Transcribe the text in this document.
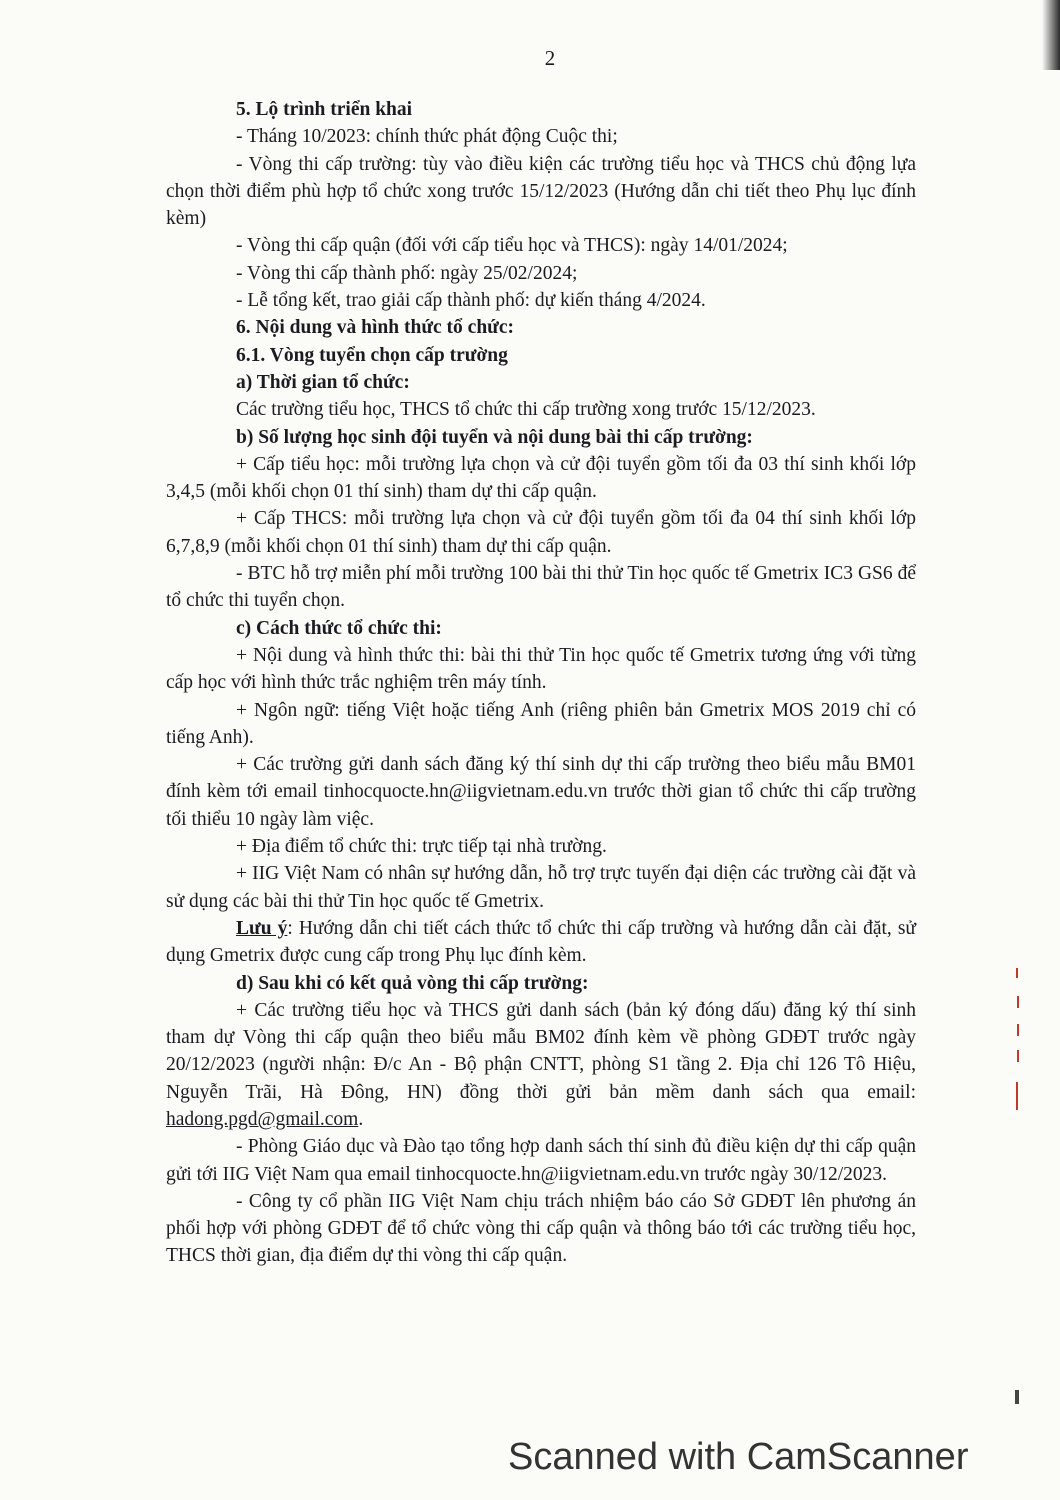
2

5. Lộ trình triển khai

- Tháng 10/2023: chính thức phát động Cuộc thi;

- Vòng thi cấp trường: tùy vào điều kiện các trường tiểu học và THCS chủ động lựa chọn thời điểm phù hợp tổ chức xong trước 15/12/2023 (Hướng dẫn chi tiết theo Phụ lục đính kèm)

- Vòng thi cấp quận (đối với cấp tiểu học và THCS): ngày 14/01/2024;

- Vòng thi cấp thành phố: ngày 25/02/2024;

- Lễ tổng kết, trao giải cấp thành phố: dự kiến tháng 4/2024.

6. Nội dung và hình thức tổ chức:

6.1. Vòng tuyển chọn cấp trường

a) Thời gian tổ chức:

Các trường tiểu học, THCS tổ chức thi cấp trường xong trước 15/12/2023.

b) Số lượng học sinh đội tuyển và nội dung bài thi cấp trường:

+ Cấp tiểu học: mỗi trường lựa chọn và cử đội tuyển gồm tối đa 03 thí sinh khối lớp 3,4,5 (mỗi khối chọn 01 thí sinh) tham dự thi cấp quận.

+ Cấp THCS: mỗi trường lựa chọn và cử đội tuyển gồm tối đa 04 thí sinh khối lớp 6,7,8,9 (mỗi khối chọn 01 thí sinh) tham dự thi cấp quận.

- BTC hỗ trợ miễn phí mỗi trường 100 bài thi thử Tin học quốc tế Gmetrix IC3 GS6 để tổ chức thi tuyển chọn.

c) Cách thức tổ chức thi:

+ Nội dung và hình thức thi: bài thi thử Tin học quốc tế Gmetrix tương ứng với từng cấp học với hình thức trắc nghiệm trên máy tính.

+ Ngôn ngữ: tiếng Việt hoặc tiếng Anh (riêng phiên bản Gmetrix MOS 2019 chỉ có tiếng Anh).

+ Các trường gửi danh sách đăng ký thí sinh dự thi cấp trường theo biểu mẫu BM01 đính kèm tới email tinhocquocte.hn@iigvietnam.edu.vn trước thời gian tổ chức thi cấp trường tối thiểu 10 ngày làm việc.

+ Địa điểm tổ chức thi: trực tiếp tại nhà trường.

+ IIG Việt Nam có nhân sự hướng dẫn, hỗ trợ trực tuyến đại diện các trường cài đặt và sử dụng các bài thi thử Tin học quốc tế Gmetrix.

Lưu ý: Hướng dẫn chi tiết cách thức tổ chức thi cấp trường và hướng dẫn cài đặt, sử dụng Gmetrix được cung cấp trong Phụ lục đính kèm.

d) Sau khi có kết quả vòng thi cấp trường:

+ Các trường tiểu học và THCS gửi danh sách (bản ký đóng dấu) đăng ký thí sinh tham dự Vòng thi cấp quận theo biểu mẫu BM02 đính kèm về phòng GDĐT trước ngày 20/12/2023 (người nhận: Đ/c An - Bộ phận CNTT, phòng S1 tầng 2. Địa chỉ 126 Tô Hiệu, Nguyễn Trãi, Hà Đông, HN) đồng thời gửi bản mềm danh sách qua email: hadong.pgd@gmail.com.

- Phòng Giáo dục và Đào tạo tổng hợp danh sách thí sinh đủ điều kiện dự thi cấp quận gửi tới IIG Việt Nam qua email tinhocquocte.hn@iigvietnam.edu.vn trước ngày 30/12/2023.

- Công ty cổ phần IIG Việt Nam chịu trách nhiệm báo cáo Sở GDĐT lên phương án phối hợp với phòng GDĐT để tổ chức vòng thi cấp quận và thông báo tới các trường tiểu học, THCS thời gian, địa điểm dự thi vòng thi cấp quận.

Scanned with CamScanner
